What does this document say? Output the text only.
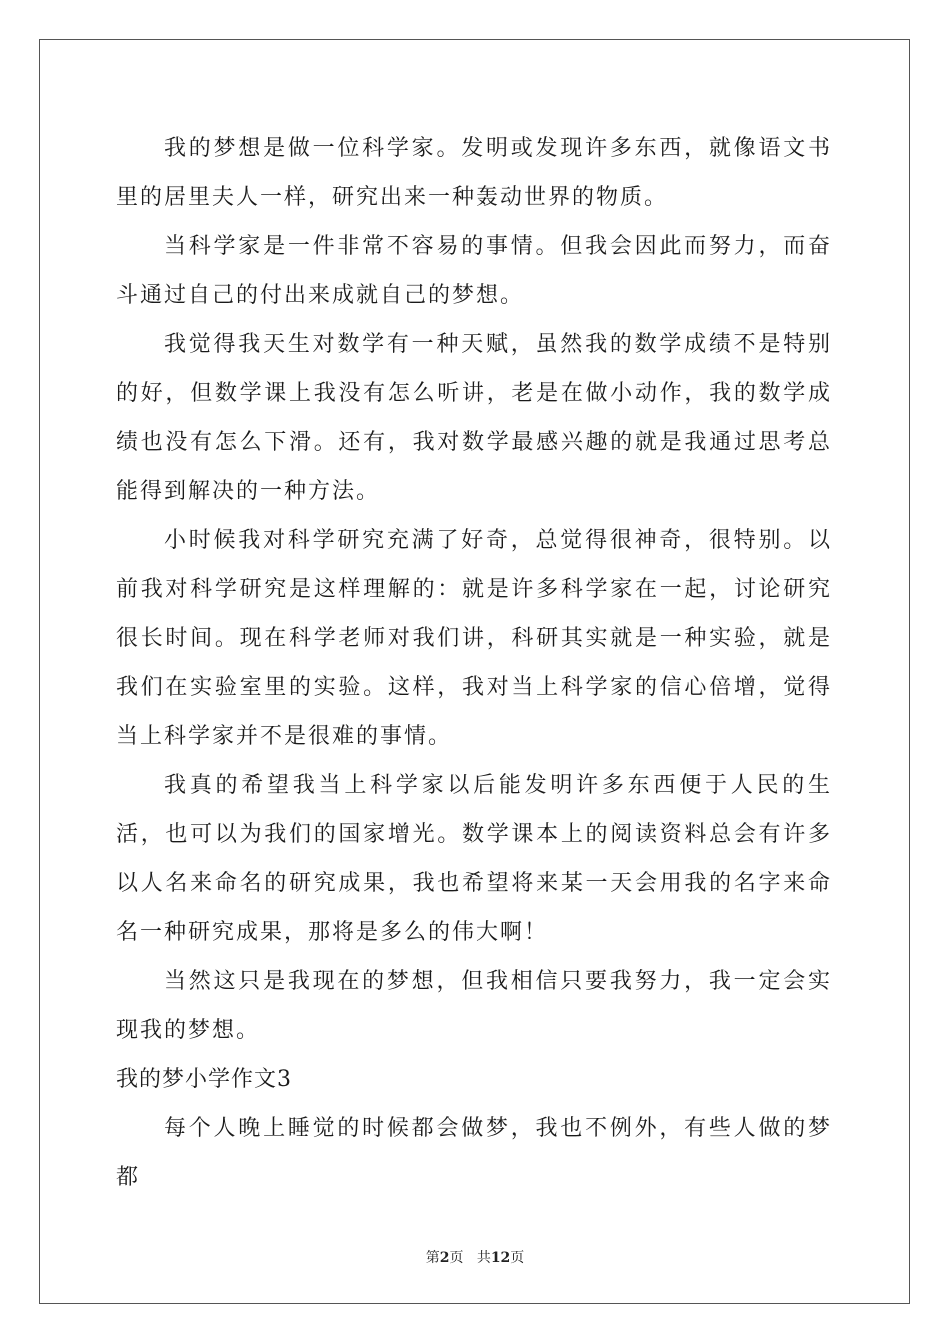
我的梦想是做一位科学家。发明或发现许多东西，就像语文书里的居里夫人一样，研究出来一种轰动世界的物质。

当科学家是一件非常不容易的事情。但我会因此而努力，而奋斗通过自己的付出来成就自己的梦想。

我觉得我天生对数学有一种天赋，虽然我的数学成绩不是特别的好，但数学课上我没有怎么听讲，老是在做小动作，我的数学成绩也没有怎么下滑。还有，我对数学最感兴趣的就是我通过思考总能得到解决的一种方法。

小时候我对科学研究充满了好奇，总觉得很神奇，很特别。以前我对科学研究是这样理解的：就是许多科学家在一起，讨论研究很长时间。现在科学老师对我们讲，科研其实就是一种实验，就是我们在实验室里的实验。这样，我对当上科学家的信心倍增，觉得当上科学家并不是很难的事情。

我真的希望我当上科学家以后能发明许多东西便于人民的生活，也可以为我们的国家增光。数学课本上的阅读资料总会有许多以人名来命名的研究成果，我也希望将来某一天会用我的名字来命名一种研究成果，那将是多么的伟大啊！

当然这只是我现在的梦想，但我相信只要我努力，我一定会实现我的梦想。

我的梦小学作文3

每个人晚上睡觉的时候都会做梦，我也不例外，有些人做的梦都

第2页 共12页
